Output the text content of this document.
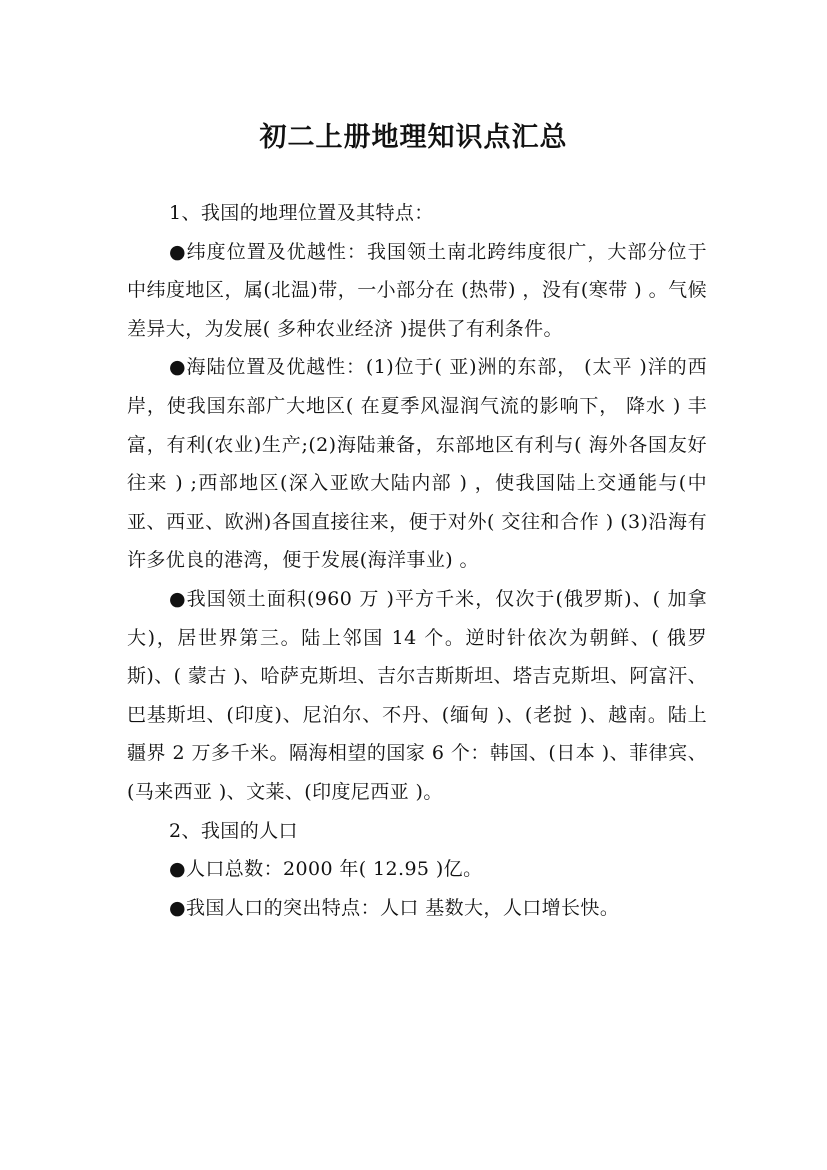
初二上册地理知识点汇总

1、我国的地理位置及其特点：

●纬度位置及优越性：我国领土南北跨纬度很广，大部分位于中纬度地区，属(北温)带，一小部分在 (热带) ，没有(寒带 ) 。气候差异大，为发展( 多种农业经济 )提供了有利条件。

●海陆位置及优越性：(1)位于( 亚)洲的东部， (太平 )洋的西岸，使我国东部广大地区( 在夏季风湿润气流的影响下， 降水 ) 丰富，有利(农业)生产;(2)海陆兼备，东部地区有利与( 海外各国友好往来 ) ;西部地区(深入亚欧大陆内部 ) ，使我国陆上交通能与(中亚、西亚、欧洲)各国直接往来，便于对外( 交往和合作 ) (3)沿海有许多优良的港湾，便于发展(海洋事业) 。

●我国领土面积(960 万 )平方千米，仅次于(俄罗斯)、( 加拿大)，居世界第三。陆上邻国 14 个。逆时针依次为朝鲜、( 俄罗斯)、( 蒙古 )、哈萨克斯坦、吉尔吉斯斯坦、塔吉克斯坦、阿富汗、巴基斯坦、(印度)、尼泊尔、不丹、(缅甸 )、(老挝 )、越南。陆上疆界 2 万多千米。隔海相望的国家 6 个：韩国、(日本 )、菲律宾、(马来西亚 )、文莱、(印度尼西亚 )。

2、我国的人口

●人口总数：2000 年( 12.95 )亿。

●我国人口的突出特点：人口 基数大，人口增长快。
